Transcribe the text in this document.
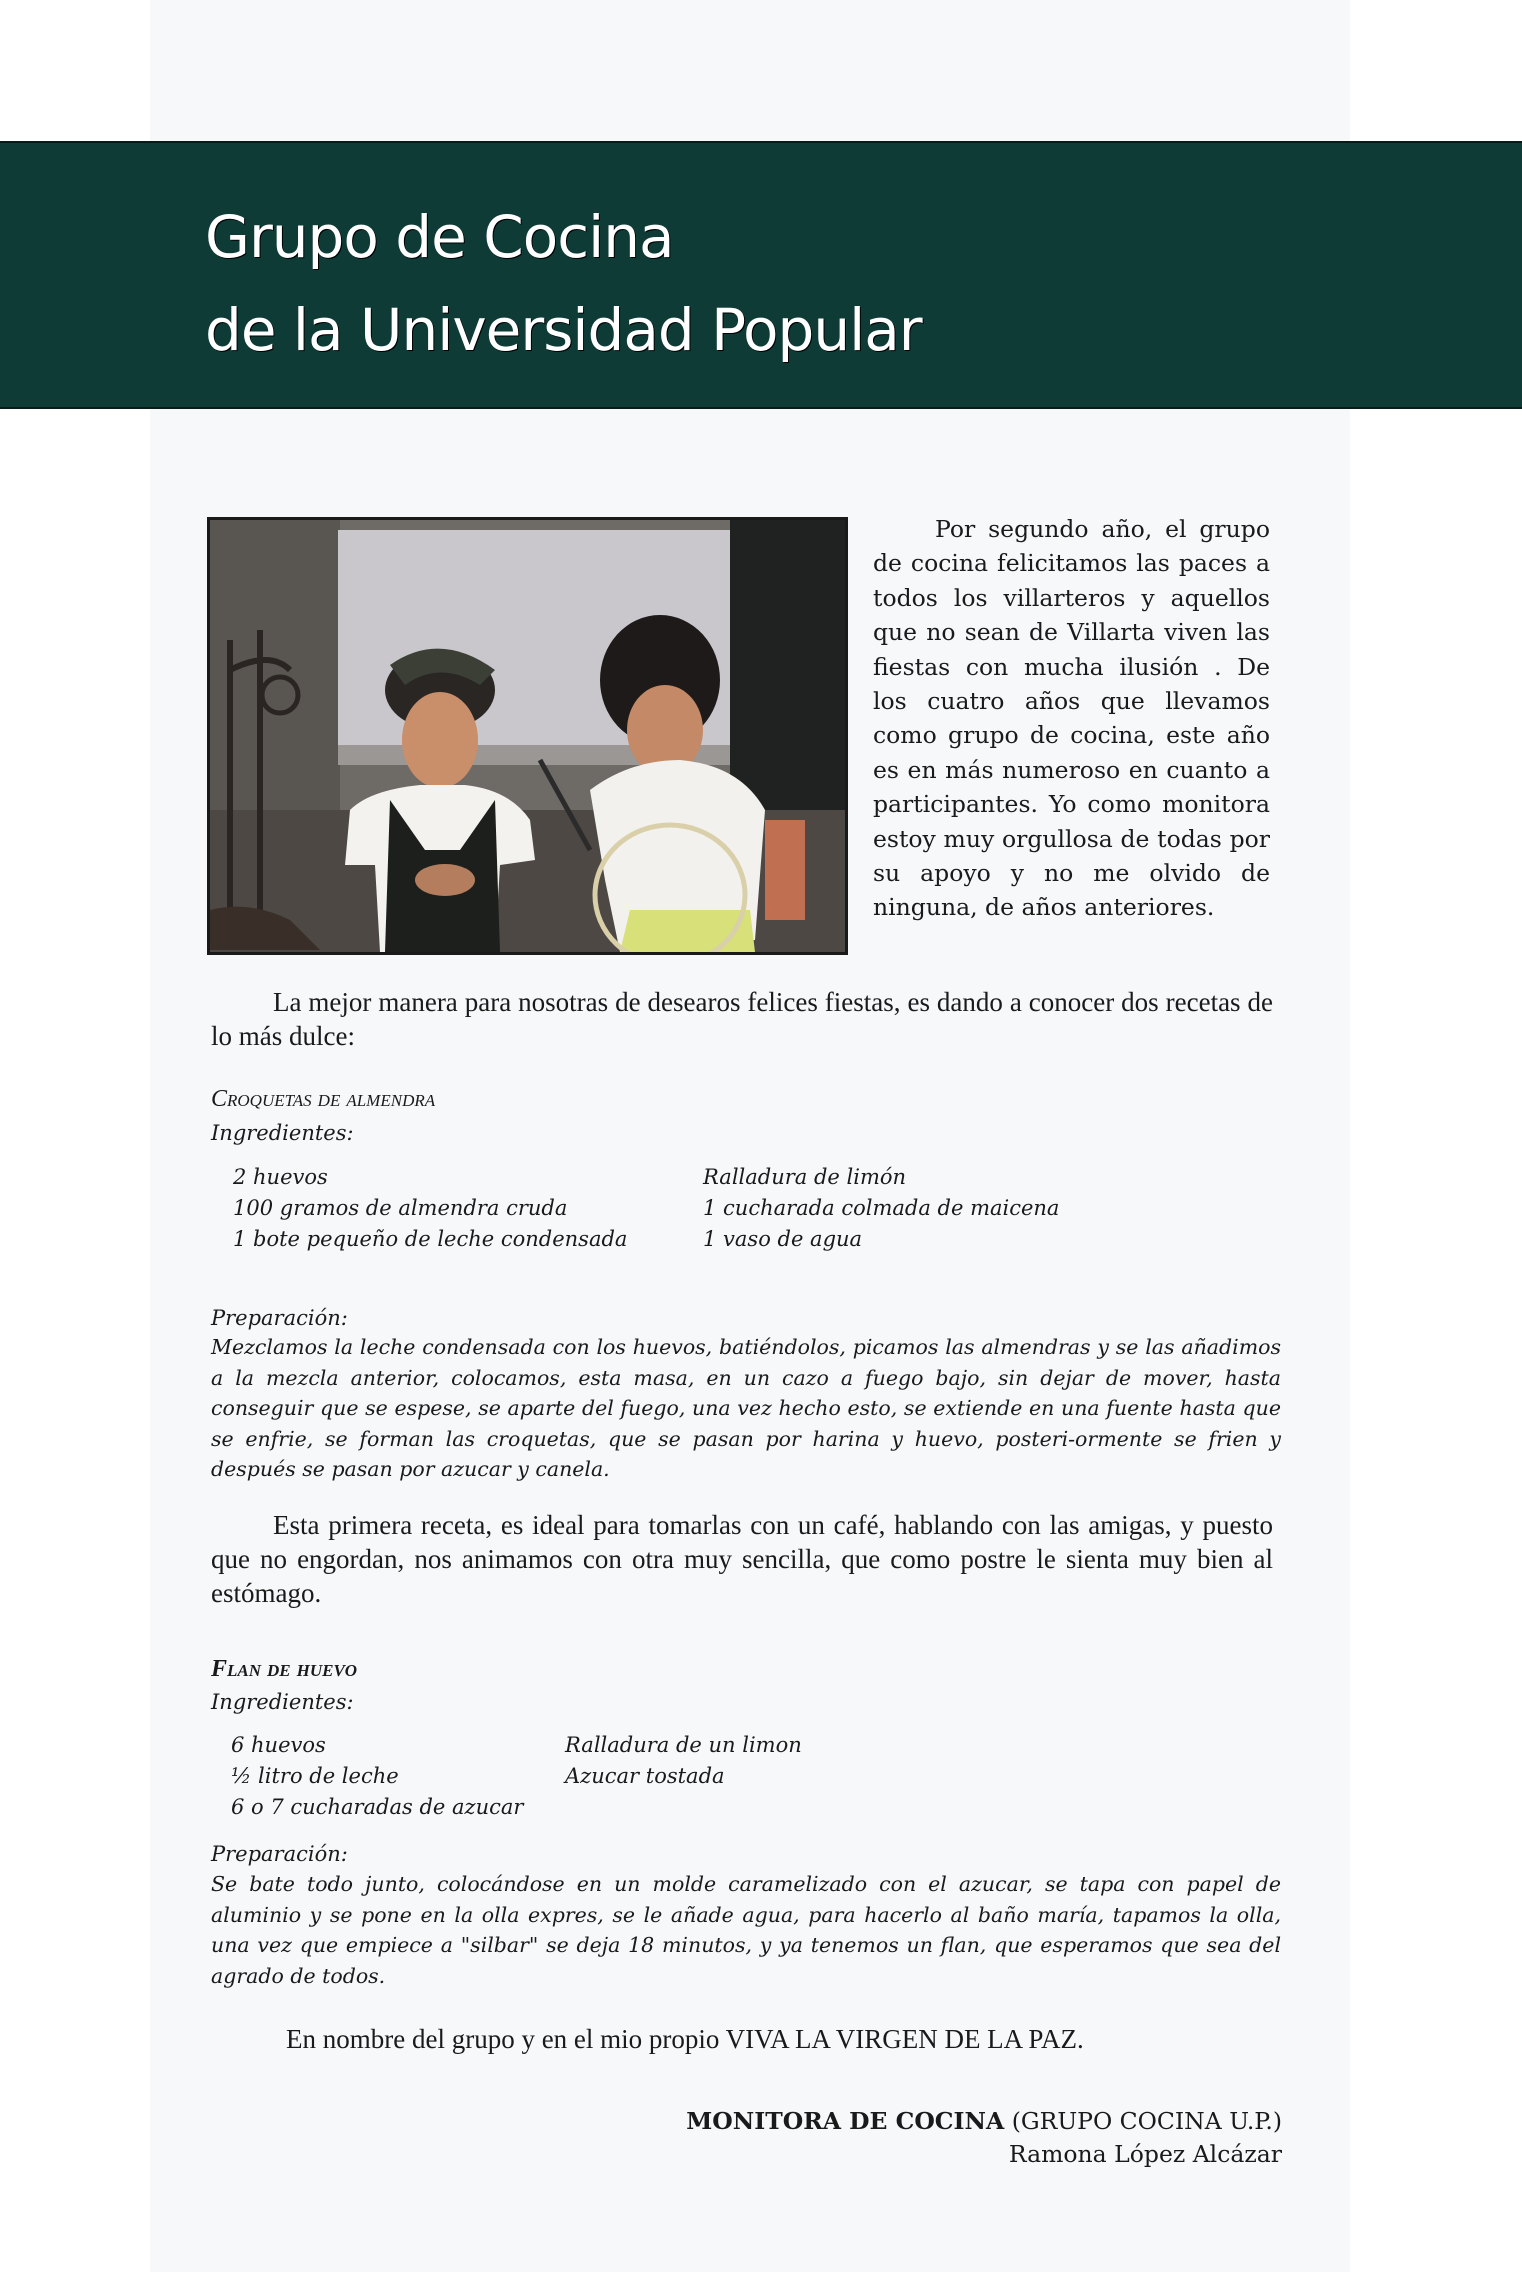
Grupo de Cocina
de la Universidad Popular

Por segundo año, el grupo de cocina felicitamos las paces a todos los villarteros y aquellos que no sean de Villarta viven las fiestas con mucha ilusión . De los cuatro años que llevamos como grupo de cocina, este año es en más numeroso en cuanto a participantes. Yo como monitora estoy muy orgullosa de todas por su apoyo y no me olvido de ninguna, de años anteriores.

La mejor manera para nosotras de desearos felices fiestas, es dando a conocer dos recetas de lo más dulce:

Croquetas de almendra

Ingredientes:

2 huevos
100 gramos de almendra cruda
1 bote pequeño de leche condensada
Ralladura de limón
1 cucharada colmada de maicena
1 vaso de agua

Preparación:

Mezclamos la leche condensada con los huevos, batiéndolos, picamos las almendras y se las añadimos a la mezcla anterior, colocamos, esta masa, en un cazo a fuego bajo, sin dejar de mover, hasta conseguir que se espese, se aparte del fuego, una vez hecho esto, se extiende en una fuente hasta que se enfrie, se forman las croquetas, que se pasan por harina y huevo, posteri-ormente se frien y después se pasan por azucar y canela.

Esta primera receta, es ideal para tomarlas con un café, hablando con las amigas, y puesto que no engordan, nos animamos con otra muy sencilla, que como postre le sienta muy bien al estómago.

Flan de huevo

Ingredientes:

6 huevos
½ litro de leche
6 o 7 cucharadas de azucar
Ralladura de un limon
Azucar tostada

Preparación:

Se bate todo junto, colocándose en un molde caramelizado con el azucar, se tapa con papel de aluminio y se pone en la olla expres, se le añade agua, para hacerlo al baño maría, tapamos la olla, una vez que empiece a "silbar" se deja 18 minutos, y ya tenemos un flan, que esperamos que sea del agrado de todos.

En nombre del grupo y en el mio propio VIVA LA VIRGEN DE LA PAZ.

MONITORA DE COCINA (GRUPO COCINA U.P.)
Ramona López Alcázar
